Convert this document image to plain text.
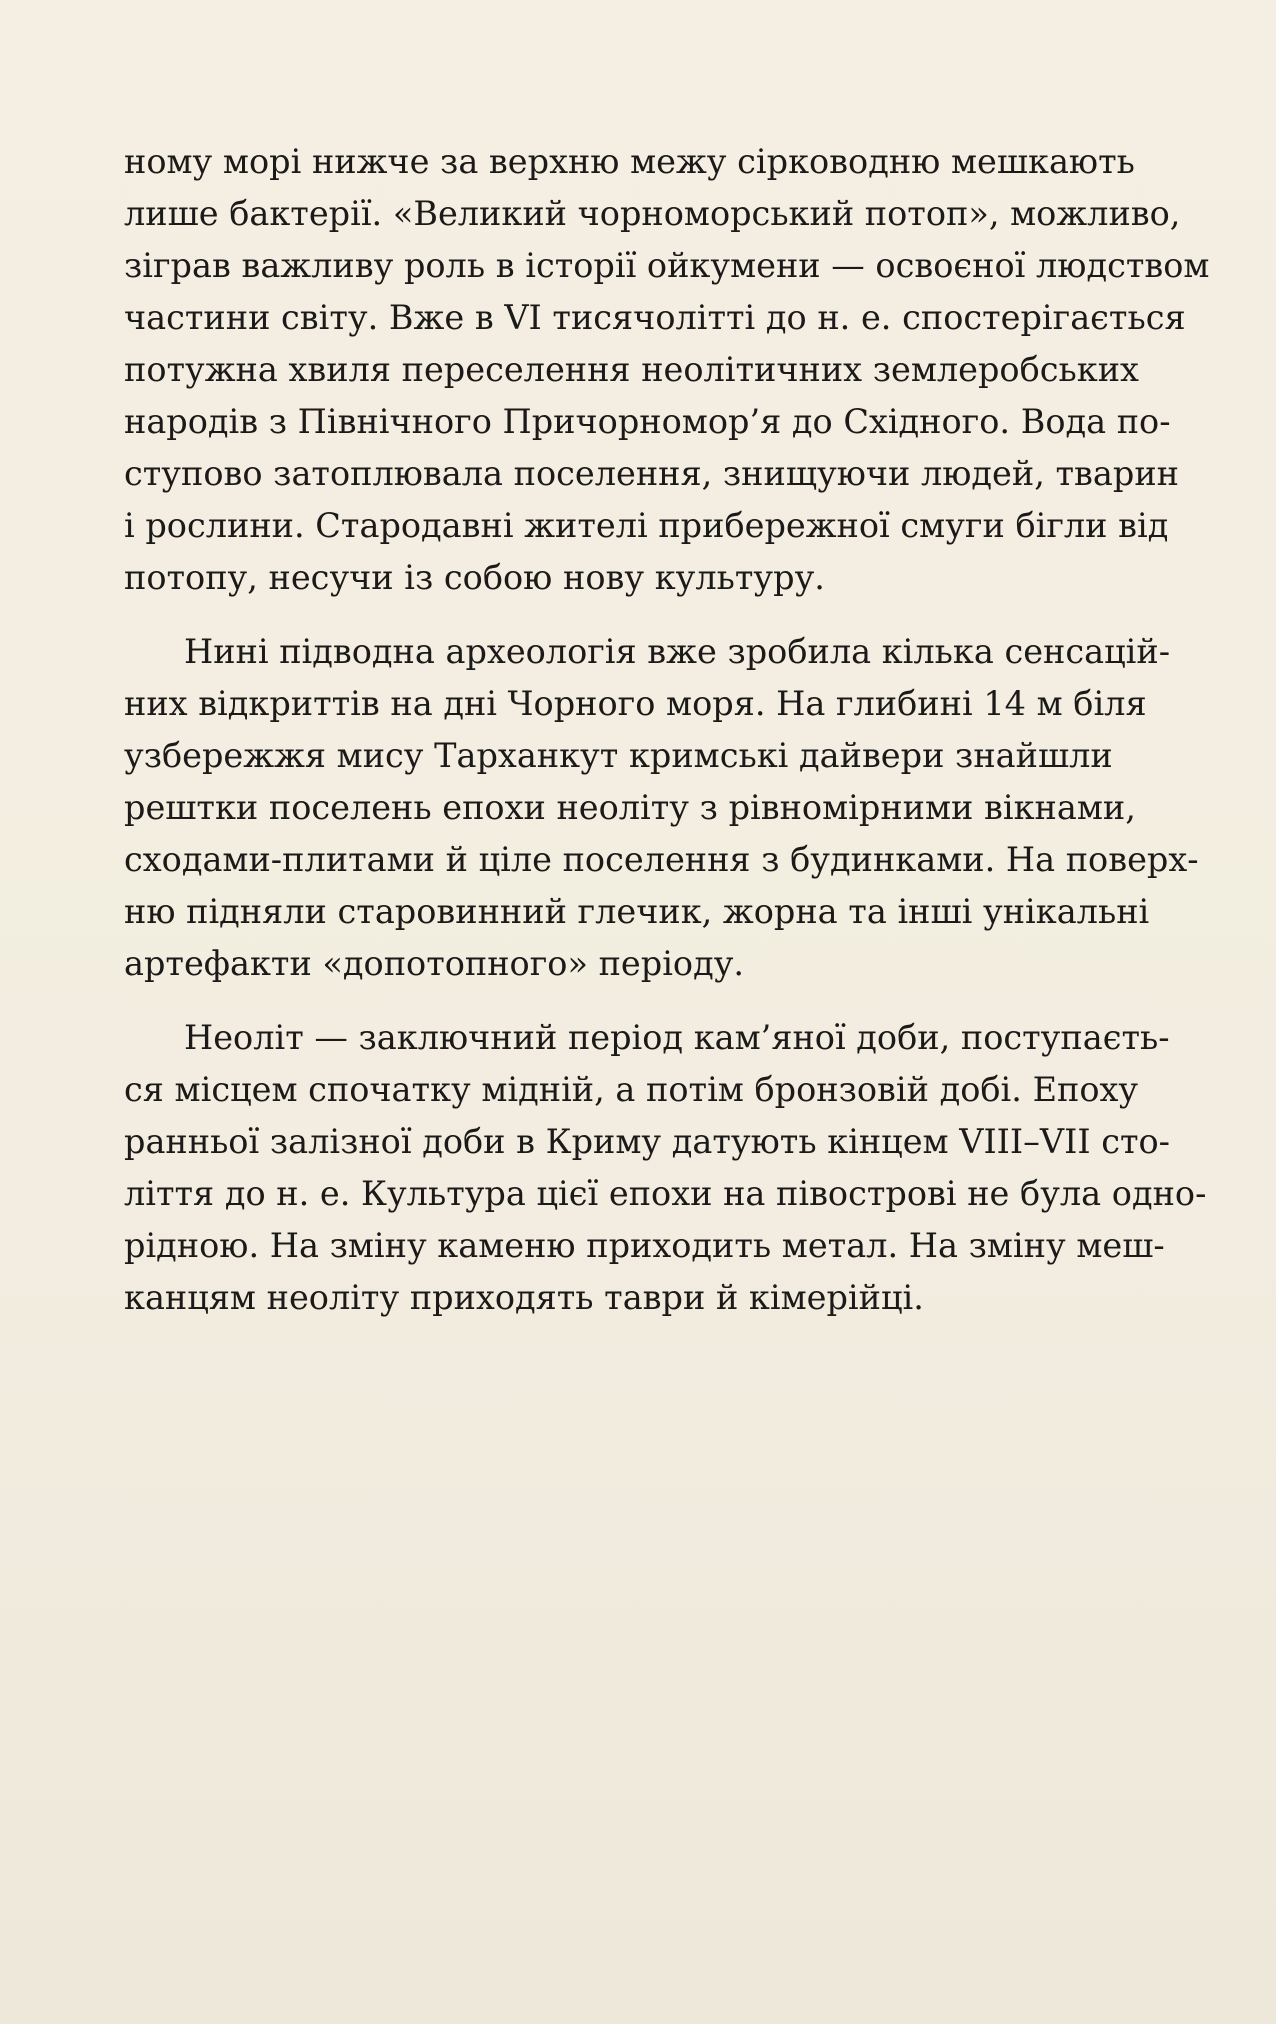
ному морі нижче за верхню межу сірководню мешкають
лише бактерії. «Великий чорноморський потоп», можливо,
зіграв важливу роль в історії ойкумени — освоєної людством
частини світу. Вже в VI тисячолітті до н. е. спостерігається
потужна хвиля переселення неолітичних землеробських
народів з Північного Причорномор’я до Східного. Вода по-
ступово затоплювала поселення, знищуючи людей, тварин
і рослини. Стародавні жителі прибережної смуги бігли від
потопу, несучи із собою нову культуру.
Нині підводна археологія вже зробила кілька сенсацій-
них відкриттів на дні Чорного моря. На глибині 14 м біля
узбережжя мису Тарханкут кримські дайвери знайшли
рештки поселень епохи неоліту з рівномірними вікнами,
сходами-плитами й ціле поселення з будинками. На поверх-
ню підняли старовинний глечик, жорна та інші унікальні
артефакти «допотопного» періоду.
Неоліт — заключний період кам’яної доби, поступаєть-
ся місцем спочатку мідній, а потім бронзовій добі. Епоху
ранньої залізної доби в Криму датують кінцем VIII–VII сто-
ліття до н. е. Культура цієї епохи на півострові не була одно-
рідною. На зміну каменю приходить метал. На зміну меш-
канцям неоліту приходять таври й кімерійці.
